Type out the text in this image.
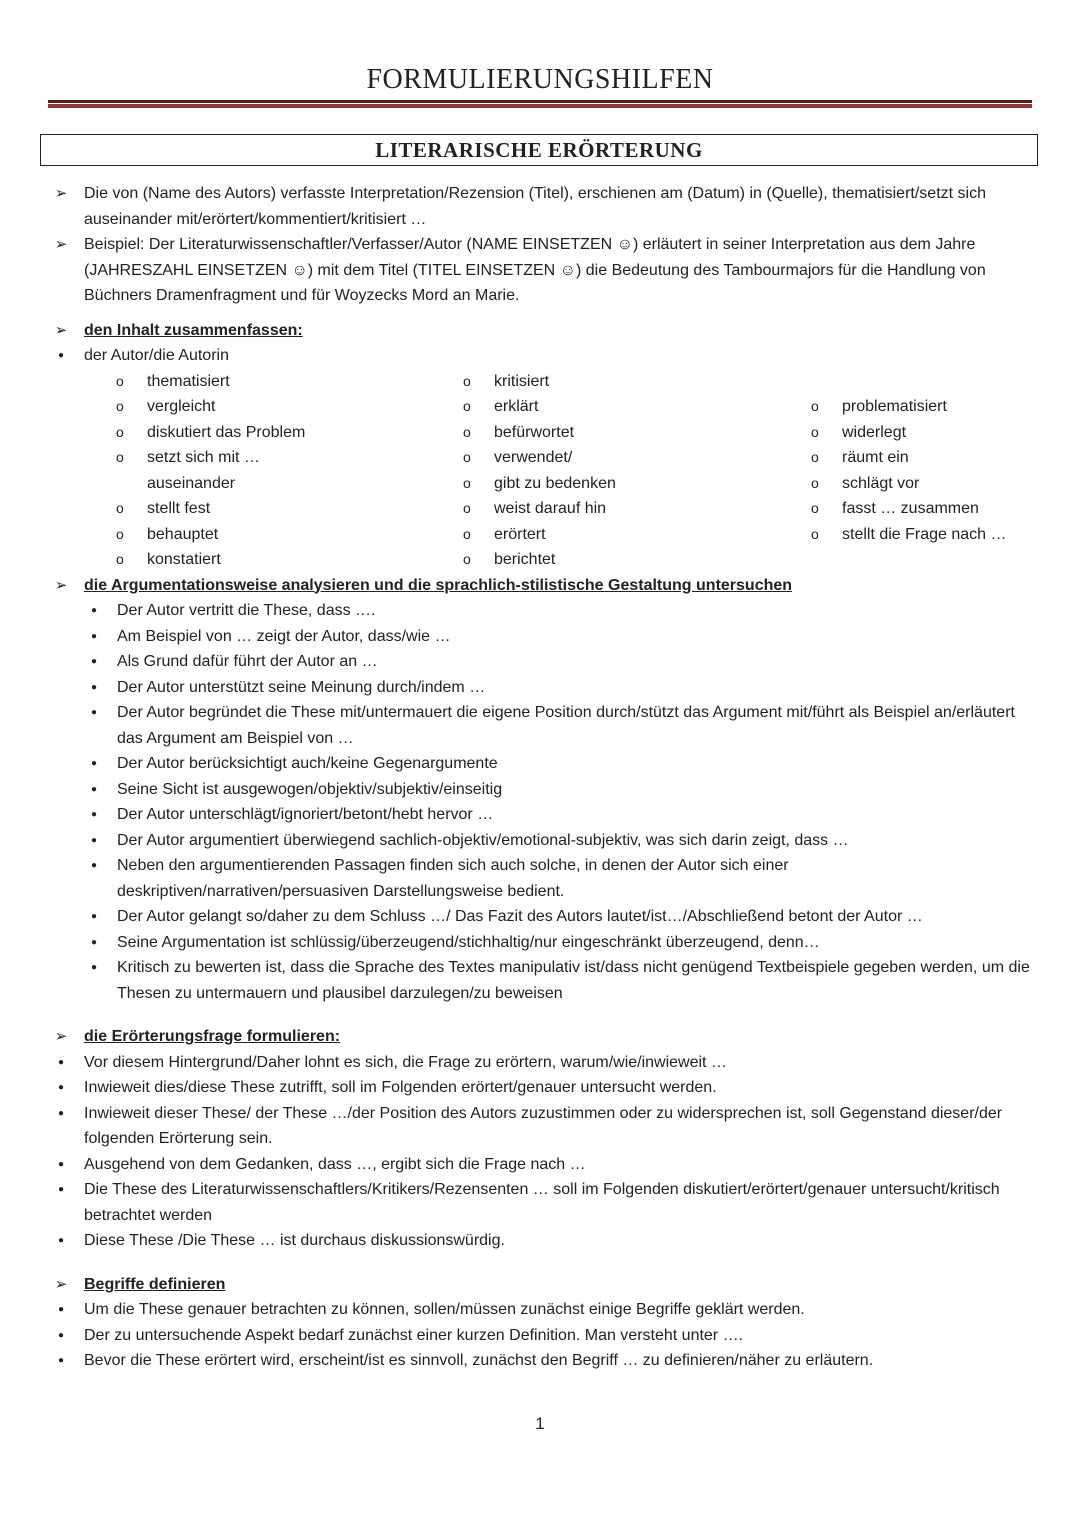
FORMULIERUNGSHILFEN
LITERARISCHE ERÖRTERUNG
➢	Die von (Name des Autors) verfasste Interpretation/Rezension (Titel), erschienen am (Datum) in (Quelle), thematisiert/setzt sich auseinander mit/erörtert/kommentiert/kritisiert …
➢	Beispiel: Der Literaturwissenschaftler/Verfasser/Autor (NAME EINSETZEN ☺) erläutert in seiner Interpretation aus dem Jahre (JAHRESZAHL EINSETZEN ☺) mit dem Titel (TITEL EINSETZEN ☺) die Bedeutung des Tambourmajors für die Handlung von Büchners Dramenfragment und für Woyzecks Mord an Marie.
➢	den Inhalt zusammenfassen:
●
der Autor/die Autorin
o thematisiert
o vergleicht
o diskutiert das Problem
o setzt sich mit …
auseinander
o stellt fest
o behauptet
o konstatiert
o kritisiert
o erklärt
o befürwortet
o verwendet/
o gibt zu bedenken
o weist darauf hin
o erörtert
o berichtet
o problematisiert
o widerlegt
o räumt ein
o schlägt vor
o fasst … zusammen
o stellt die Frage nach …
➢	die Argumentationsweise analysieren und die sprachlich-stilistische Gestaltung untersuchen
●
Der Autor vertritt die These, dass ….
●
Am Beispiel von … zeigt der Autor, dass/wie …
●
Als Grund dafür führt der Autor an …
●
Der Autor unterstützt seine Meinung durch/indem …
●
Der Autor begründet die These mit/untermauert die eigene Position durch/stützt das Argument mit/führt als Beispiel an/erläutert das Argument am Beispiel von …
●
Der Autor berücksichtigt auch/keine Gegenargumente
●
Seine Sicht ist ausgewogen/objektiv/subjektiv/einseitig
●
Der Autor unterschlägt/ignoriert/betont/hebt hervor …
●
Der Autor argumentiert überwiegend sachlich-objektiv/emotional-subjektiv, was sich darin zeigt, dass …
●
Neben den argumentierenden Passagen finden sich auch solche, in denen der Autor sich einer deskriptiven/narrativen/persuasiven Darstellungsweise bedient.
●
Der Autor gelangt so/daher zu dem Schluss …/ Das Fazit des Autors lautet/ist…/Abschließend betont der Autor …
●
Seine Argumentation ist schlüssig/überzeugend/stichhaltig/nur eingeschränkt überzeugend, denn…
●
Kritisch zu bewerten ist, dass die Sprache des Textes manipulativ ist/dass nicht genügend Textbeispiele gegeben werden, um die Thesen zu untermauern und plausibel darzulegen/zu beweisen
➢	die Erörterungsfrage formulieren:
●
Vor diesem Hintergrund/Daher lohnt es sich, die Frage zu erörtern, warum/wie/inwieweit …
●
Inwieweit dies/diese These zutrifft, soll im Folgenden erörtert/genauer untersucht werden.
●
Inwieweit dieser These/ der These …/der Position des Autors zuzustimmen oder zu widersprechen ist, soll Gegenstand dieser/der folgenden Erörterung sein.
●
Ausgehend von dem Gedanken, dass …, ergibt sich die Frage nach …
●
Die These des Literaturwissenschaftlers/Kritikers/Rezensenten … soll im Folgenden diskutiert/erörtert/genauer untersucht/kritisch betrachtet werden
●
Diese These /Die These … ist durchaus diskussionswürdig.
➢	Begriffe definieren
●
Um die These genauer betrachten zu können, sollen/müssen zunächst einige Begriffe geklärt werden.
●
Der zu untersuchende Aspekt bedarf zunächst einer kurzen Definition. Man versteht unter ….
●
Bevor die These erörtert wird, erscheint/ist es sinnvoll, zunächst den Begriff … zu definieren/näher zu erläutern.
1
